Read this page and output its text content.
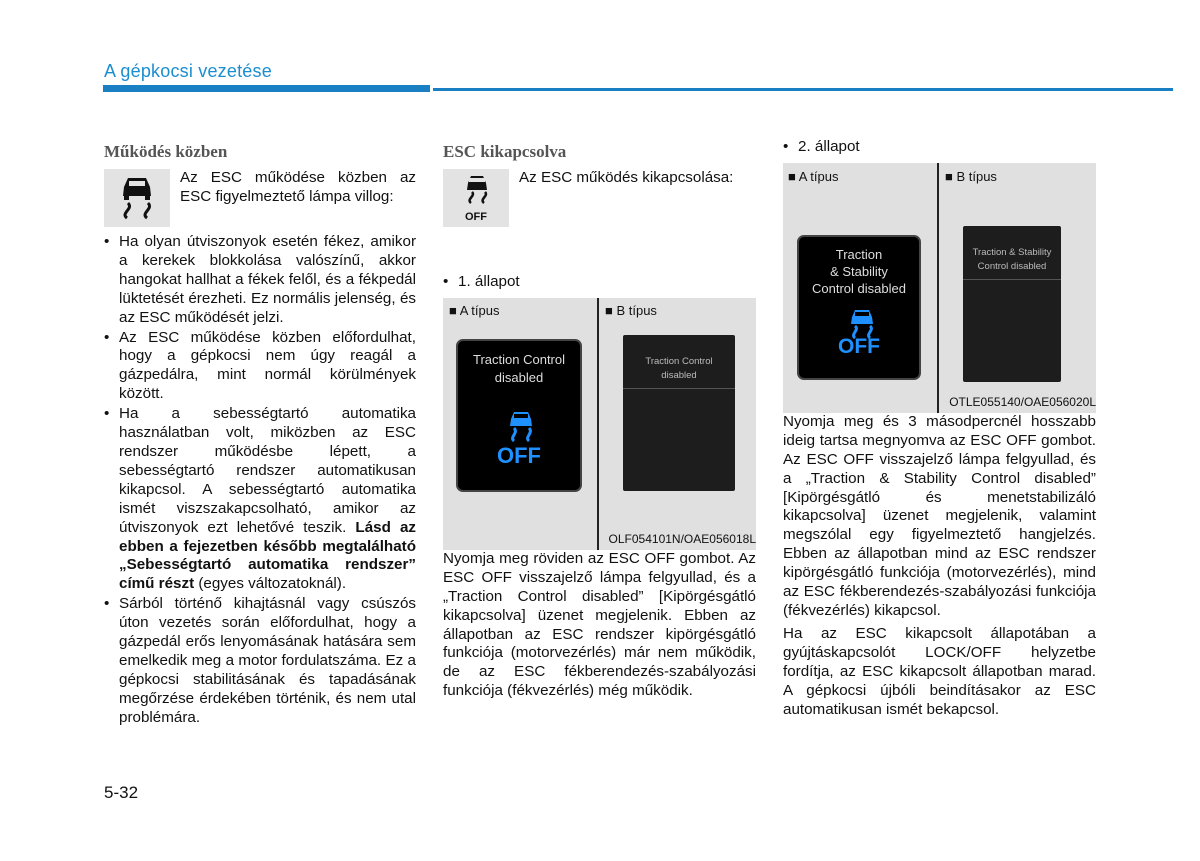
A gépkocsi vezetése
Működés közben
Az ESC működése közben az ESC figyelmeztető lámpa villog:
• Ha olyan útviszonyok esetén fékez, amikor a kerekek blokkolása valószínű, akkor hangokat hallhat a fékek felől, és a fékpedál lüktetését érezheti. Ez normális jelenség, és az ESC működését jelzi.
• Az ESC működése közben előfordulhat, hogy a gépkocsi nem úgy reagál a gázpedálra, mint normál körülmények között.
• Ha a sebességtartó automatika használatban volt, miközben az ESC rendszer működésbe lépett, a sebességtartó rendszer automatikusan kikapcsol. A sebességtartó automatika ismét viszszakapcsolható, amikor az útviszonyok ezt lehetővé teszik. Lásd az ebben a fejezetben később megtalálható „Sebességtartó automatika rendszer” című részt (egyes változatoknál).
• Sárból történő kihajtásnál vagy csúszós úton vezetés során előfordulhat, hogy a gázpedál erős lenyomásának hatására sem emelkedik meg a motor fordulatszáma. Ez a gépkocsi stabilitásának és tapadásának megőrzése érdekében történik, és nem utal problémára.
ESC kikapcsolva
OFF
Az ESC működés kikapcsolása:
• 1. állapot
■ A típus	■ B típus
Traction Control
disabled
OFF
Traction Control
disabled
OLF054101N/OAE056018L

Nyomja meg röviden az ESC OFF gombot. Az ESC OFF visszajelző lámpa felgyullad, és a „Traction Control disabled” [Kipörgésgátló kikapcsolva] üzenet megjelenik. Ebben az állapotban az ESC rendszer kipörgésgátló funkciója (motorvezérlés) már nem működik, de az ESC fékberendezés-szabályozási funkciója (fékvezérlés) még működik.

• 2. állapot
■ A típus	■ B típus
Traction
& Stability
Control disabled
OFF
Traction & Stability
Control disabled
OTLE055140/OAE056020L

Nyomja meg és 3 másodpercnél hosszabb ideig tartsa megnyomva az ESC OFF gombot. Az ESC OFF visszajelző lámpa felgyullad, és a „Traction & Stability Control disabled” [Kipörgésgátló és menetstabilizáló kikapcsolva] üzenet megjelenik, valamint megszólal egy figyelmeztető hangjelzés. Ebben az állapotban mind az ESC rendszer kipörgésgátló funkciója (motorvezérlés), mind az ESC fékberendezés-szabályozási funkciója (fékvezérlés) kikapcsol.

Ha az ESC kikapcsolt állapotában a gyújtáskapcsolót LOCK/OFF helyzetbe fordítja, az ESC kikapcsolt állapotban marad. A gépkocsi újbóli beindításakor az ESC automatikusan ismét bekapcsol.

5-32
